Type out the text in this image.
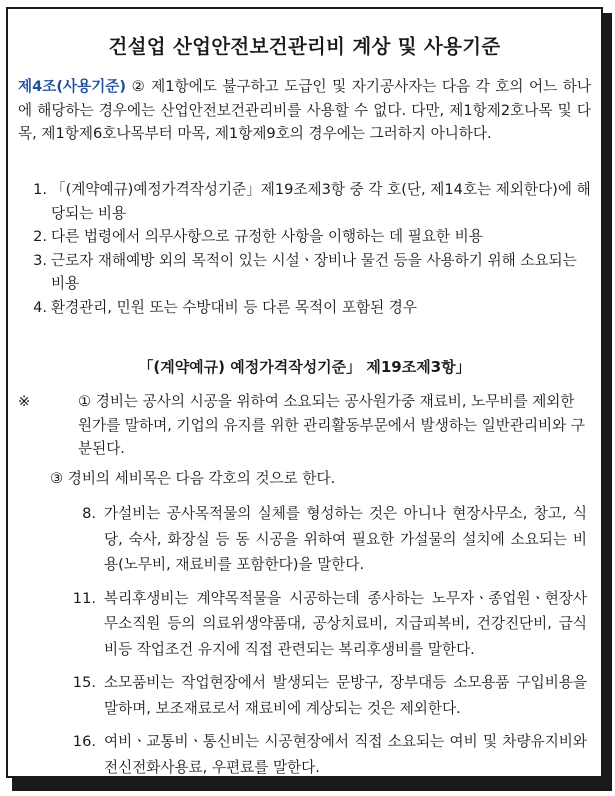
건설업 산업안전보건관리비 계상 및 사용기준
제4조(사용기준) ② 제1항에도 불구하고 도급인 및 자기공사자는 다음 각 호의 어느 하나에 해당하는 경우에는 산업안전보건관리비를 사용할 수 없다. 다만, 제1항제2호나목 및 다목, 제1항제6호나목부터 마목, 제1항제9호의 경우에는 그러하지 아니하다.
1. 「(계약예규)예정가격작성기준」제19조제3항 중 각 호(단, 제14호는 제외한다)에 해당되는 비용
2. 다른 법령에서 의무사항으로 규정한 사항을 이행하는 데 필요한 비용
3. 근로자 재해예방 외의 목적이 있는 시설ㆍ장비나 물건 등을 사용하기 위해 소요되는 비용
4. 환경관리, 민원 또는 수방대비 등 다른 목적이 포함된 경우
「(계약예규) 예정가격작성기준」 제19조제3항」
※	① 경비는 공사의 시공을 위하여 소요되는 공사원가중 재료비, 노무비를 제외한 원가를 말하며, 기업의 유지를 위한 관리활동부문에서 발생하는 일반관리비와 구분된다.
③ 경비의 세비목은 다음 각호의 것으로 한다.
8. 가설비는 공사목적물의 실체를 형성하는 것은 아니나 현장사무소, 창고, 식당, 숙사, 화장실 등 동 시공을 위하여 필요한 가설물의 설치에 소요되는 비용(노무비, 재료비를 포함한다)을 말한다.
11. 복리후생비는 계약목적물을 시공하는데 종사하는 노무자ㆍ종업원ㆍ현장사무소직원 등의 의료위생약품대, 공상치료비, 지급피복비, 건강진단비, 급식비등 작업조건 유지에 직접 관련되는 복리후생비를 말한다.
15. 소모품비는 작업현장에서 발생되는 문방구, 장부대등 소모용품 구입비용을 말하며, 보조재료로서 재료비에 계상되는 것은 제외한다.
16. 여비ㆍ교통비ㆍ통신비는 시공현장에서 직접 소요되는 여비 및 차량유지비와 전신전화사용료, 우편료를 말한다.
